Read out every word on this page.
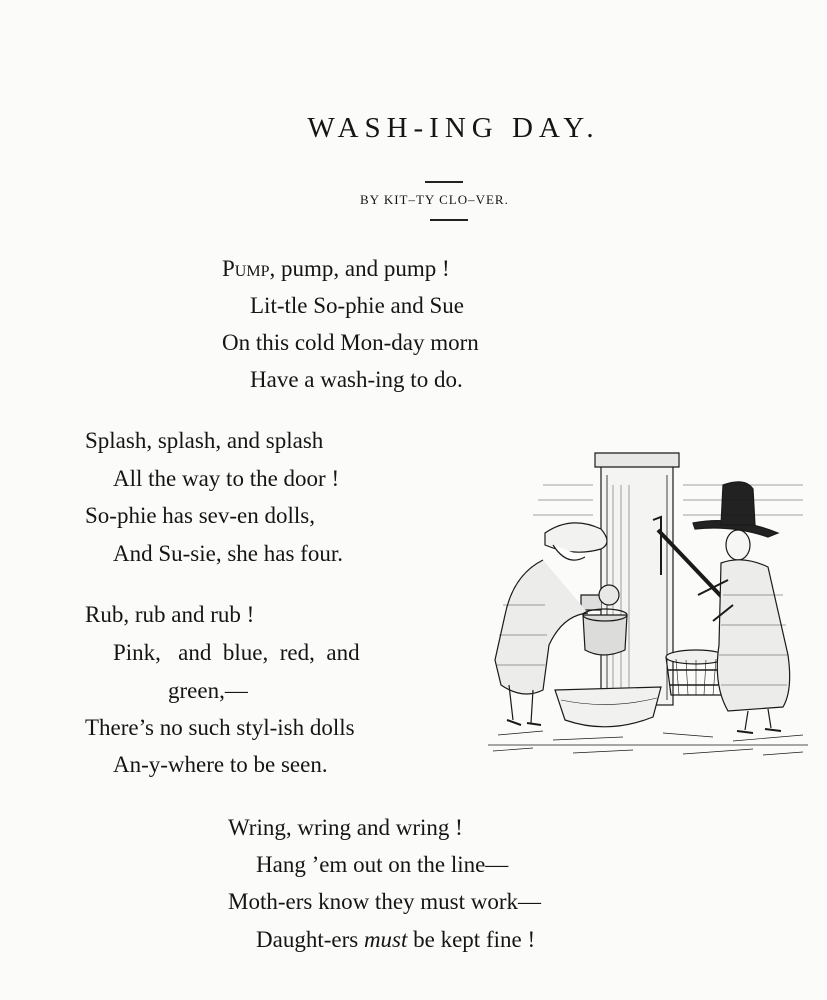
WASH-ING DAY.
BY KIT–TY CLO–VER.
Pump, pump, and pump !
Lit-tle So-phie and Sue
On this cold Mon-day morn
Have a wash-ing to do.
Splash, splash, and splash
All the way to the door !
So-phie has sev-en dolls,
And Su-sie, she has four.
Rub, rub and rub !
Pink,   and  blue,  red,  and
green,—
There’s no such styl-ish dolls
An-y-where to be seen.
Wring, wring and wring !
Hang ’em out on the line—
Moth-ers know they must work—
Daught-ers must be kept fine !
